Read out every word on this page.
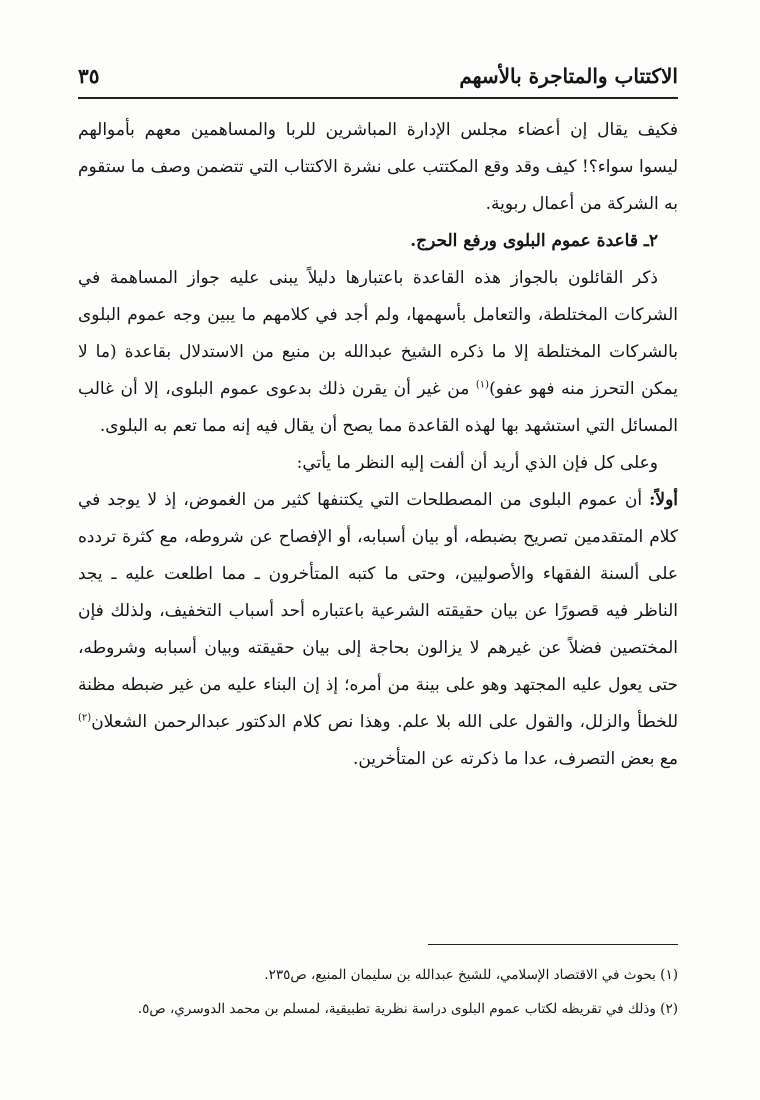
الاكتتاب والمتاجرة بالأسهم
٣٥

فكيف يقال إن أعضاء مجلس الإدارة المباشرين للربا والمساهمين معهم بأموالهم ليسوا سواء؟! كيف وقد وقع المكتتب على نشرة الاكتتاب التي تتضمن وصف ما ستقوم به الشركة من أعمال ربوية.

٢ـ قاعدة عموم البلوى ورفع الحرج.

ذكر القائلون بالجواز هذه القاعدة باعتبارها دليلاً يبنى عليه جواز المساهمة في الشركات المختلطة، والتعامل بأسهمها، ولم أجد في كلامهم ما يبين وجه عموم البلوى بالشركات المختلطة إلا ما ذكره الشيخ عبدالله بن منيع من الاستدلال بقاعدة (ما لا يمكن التحرز منه فهو عفو)$^{(١)}$ من غير أن يقرن ذلك بدعوى عموم البلوى، إلا أن غالب المسائل التي استشهد بها لهذه القاعدة مما يصح أن يقال فيه إنه مما تعم به البلوى.

وعلى كل فإن الذي أريد أن ألفت إليه النظر ما يأتي:

أولاً: أن عموم البلوى من المصطلحات التي يكتنفها كثير من الغموض، إذ لا يوجد في كلام المتقدمين تصريح بضبطه، أو بيان أسبابه، أو الإفصاح عن شروطه، مع كثرة تردده على ألسنة الفقهاء والأصوليين، وحتى ما كتبه المتأخرون ـ مما اطلعت عليه ـ يجد الناظر فيه قصورًا عن بيان حقيقته الشرعية باعتباره أحد أسباب التخفيف، ولذلك فإن المختصين فضلاً عن غيرهم لا يزالون بحاجة إلى بيان حقيقته وبيان أسبابه وشروطه، حتى يعول عليه المجتهد وهو على بينة من أمره؛ إذ إن البناء عليه من غير ضبطه مظنة للخطأ والزلل، والقول على الله بلا علم. وهذا نص كلام الدكتور عبدالرحمن الشعلان$^{(٢)}$ مع بعض التصرف، عدا ما ذكرته عن المتأخرين.

(١) بحوث في الاقتصاد الإسلامي، للشيخ عبدالله بن سليمان المنيع، ص٢٣٥.

(٢) وذلك في تقريظه لكتاب عموم البلوى دراسة نظرية تطبيقية، لمسلم بن محمد الدوسري، ص٥.
